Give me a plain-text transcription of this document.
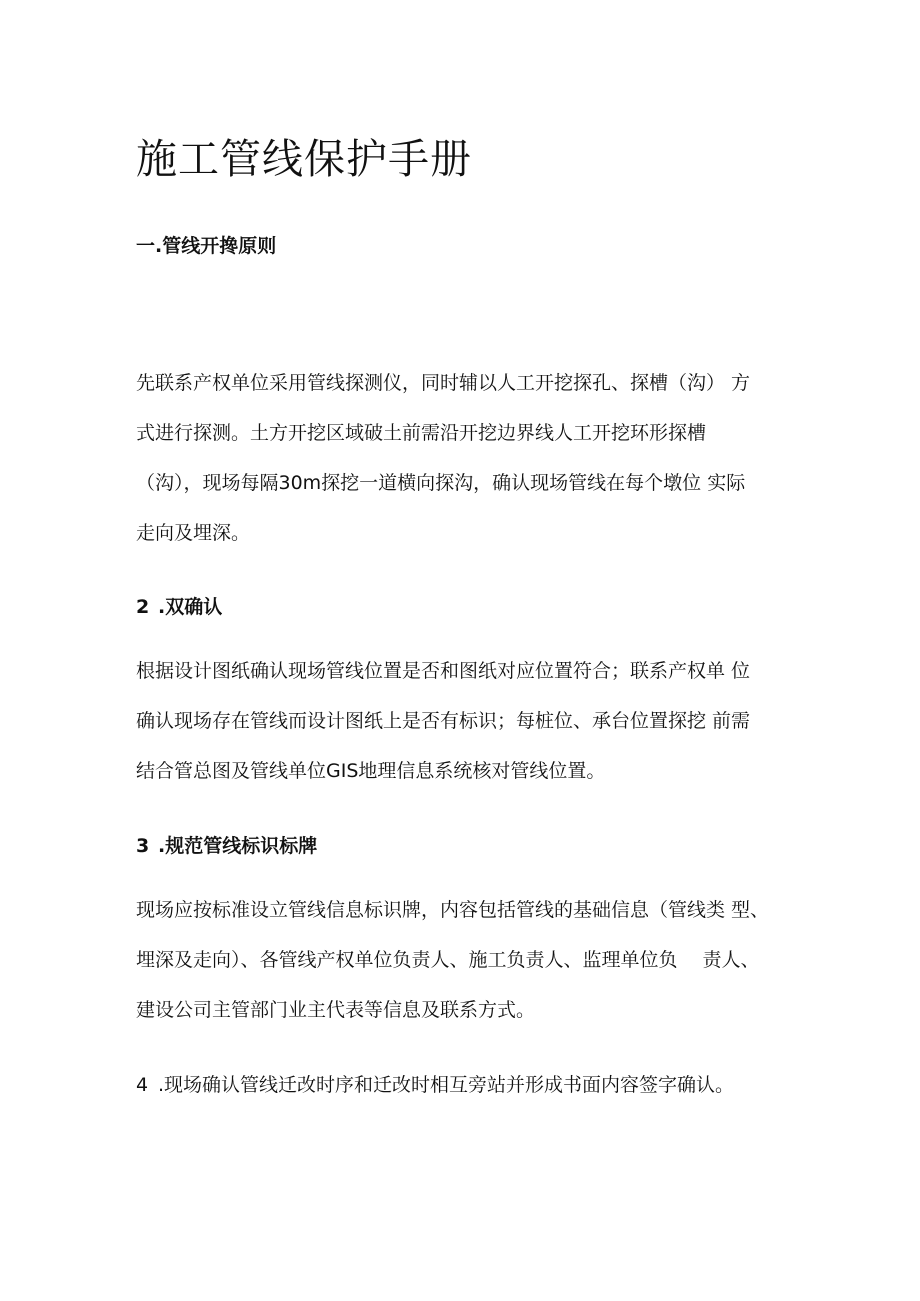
施工管线保护手册
一.管线开搀原则
先联系产权单位采用管线探测仪，同时辅以人工开挖探孔、探槽（沟） 方
式进行探测。土方开挖区域破土前需沿开挖边界线人工开挖环形探槽
（沟），现场每隔30m探挖一道横向探沟，确认现场管线在每个墩位 实际
走向及埋深。
2 .双确认
根据设计图纸确认现场管线位置是否和图纸对应位置符合；联系产权单 位
确认现场存在管线而设计图纸上是否有标识；每桩位、承台位置探挖 前需
结合管总图及管线单位GIS地理信息系统核对管线位置。
3 .规范管线标识标牌
现场应按标准设立管线信息标识牌，内容包括管线的基础信息（管线类 型、
埋深及走向）、各管线产权单位负责人、施工负责人、监理单位负 　责人、
建设公司主管部门业主代表等信息及联系方式。
4 .现场确认管线迁改时序和迁改时相互旁站并形成书面内容签字确认。
